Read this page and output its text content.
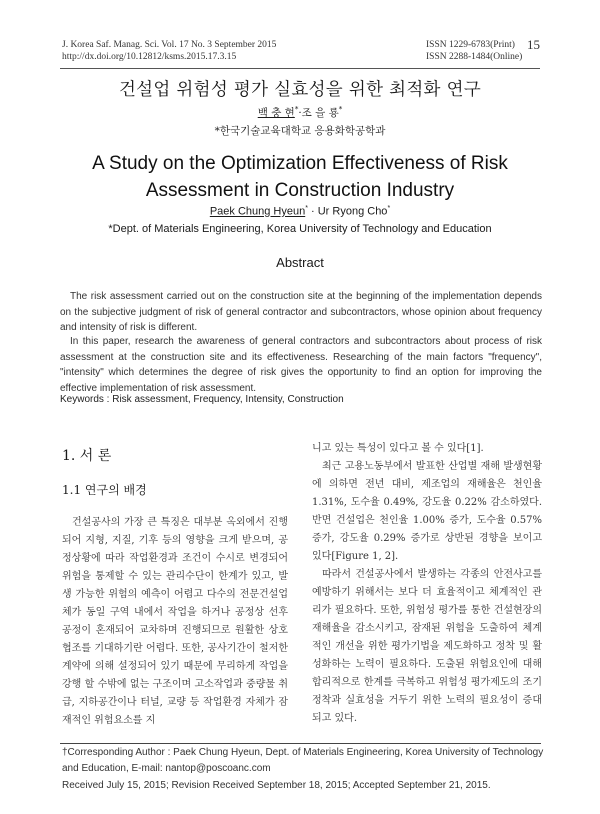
J. Korea Saf. Manag. Sci. Vol. 17 No. 3 September 2015
http://dx.doi.org/10.12812/ksms.2015.17.3.15
ISSN 1229-6783(Print)
ISSN 2288-1484(Online)
15
건설업 위험성 평가 실효성을 위한 최적화 연구
백 충 현*·조 을 룡*
*한국기술교육대학교 응용화학공학과
A Study on the Optimization Effectiveness of Risk Assessment in Construction Industry
Paek Chung Hyeun* · Ur Ryong Cho*
*Dept. of Materials Engineering, Korea University of Technology and Education
Abstract

The risk assessment carried out on the construction site at the beginning of the implementation depends on the subjective judgment of risk of general contractor and subcontractors, whose opinion about frequency and intensity of risk is different.

In this paper, research the awareness of general contractors and subcontractors about process of risk assessment at the construction site and its effectiveness. Researching of the main factors "frequency", "intensity" which determines the degree of risk gives the opportunity to find an option for improving the effective implementation of risk assessment.

Keywords : Risk assessment, Frequency, Intensity, Construction
1. 서 론
1.1 연구의 배경

건설공사의 가장 큰 특징은 대부분 옥외에서 진행되어 지형, 지질, 기후 등의 영향을 크게 받으며, 공정상황에 따라 작업환경과 조건이 수시로 변경되어 위험을 통제할 수 있는 관리수단이 한계가 있고, 발생 가능한 위험의 예측이 어렵고 다수의 전문건설업체가 동일 구역 내에서 작업을 하거나 공정상 선후 공정이 혼재되어 교차하며 진행되므로 원활한 상호 협조를 기대하기란 어렵다. 또한, 공사기간이 철저한 계약에 의해 설정되어 있기 때문에 무리하게 작업을 강행 할 수밖에 없는 구조이며 고소작업과 중량물 취급, 지하공간이나 터널, 교량 등 작업환경 자체가 잠재적인 위험요소를 지

니고 있는 특성이 있다고 볼 수 있다[1].

최근 고용노동부에서 발표한 산업별 재해 발생현황에 의하면 전년 대비, 제조업의 재해율은 천인율 1.31%, 도수율 0.49%, 강도율 0.22% 감소하였다. 반면 건설업은 천인율 1.00% 증가, 도수율 0.57% 증가, 강도율 0.29% 증가로 상반된 경향을 보이고 있다[Figure 1, 2].

따라서 건설공사에서 발생하는 각종의 안전사고를 예방하기 위해서는 보다 더 효율적이고 체계적인 관리가 필요하다. 또한, 위험성 평가를 통한 건설현장의 재해율을 감소시키고, 잠재된 위험을 도출하여 체계적인 개선을 위한 평가기법을 제도화하고 정착 및 활성화하는 노력이 필요하다. 도출된 위험요인에 대해 합리적으로 한계를 극복하고 위험성 평가제도의 조기정착과 실효성을 거두기 위한 노력의 필요성이 증대되고 있다.

†Corresponding Author : Paek Chung Hyeun, Dept. of Materials Engineering, Korea University of Technology and Education, E-mail: nantop@poscoanc.com
Received July 15, 2015; Revision Received September 18, 2015; Accepted September 21, 2015.
